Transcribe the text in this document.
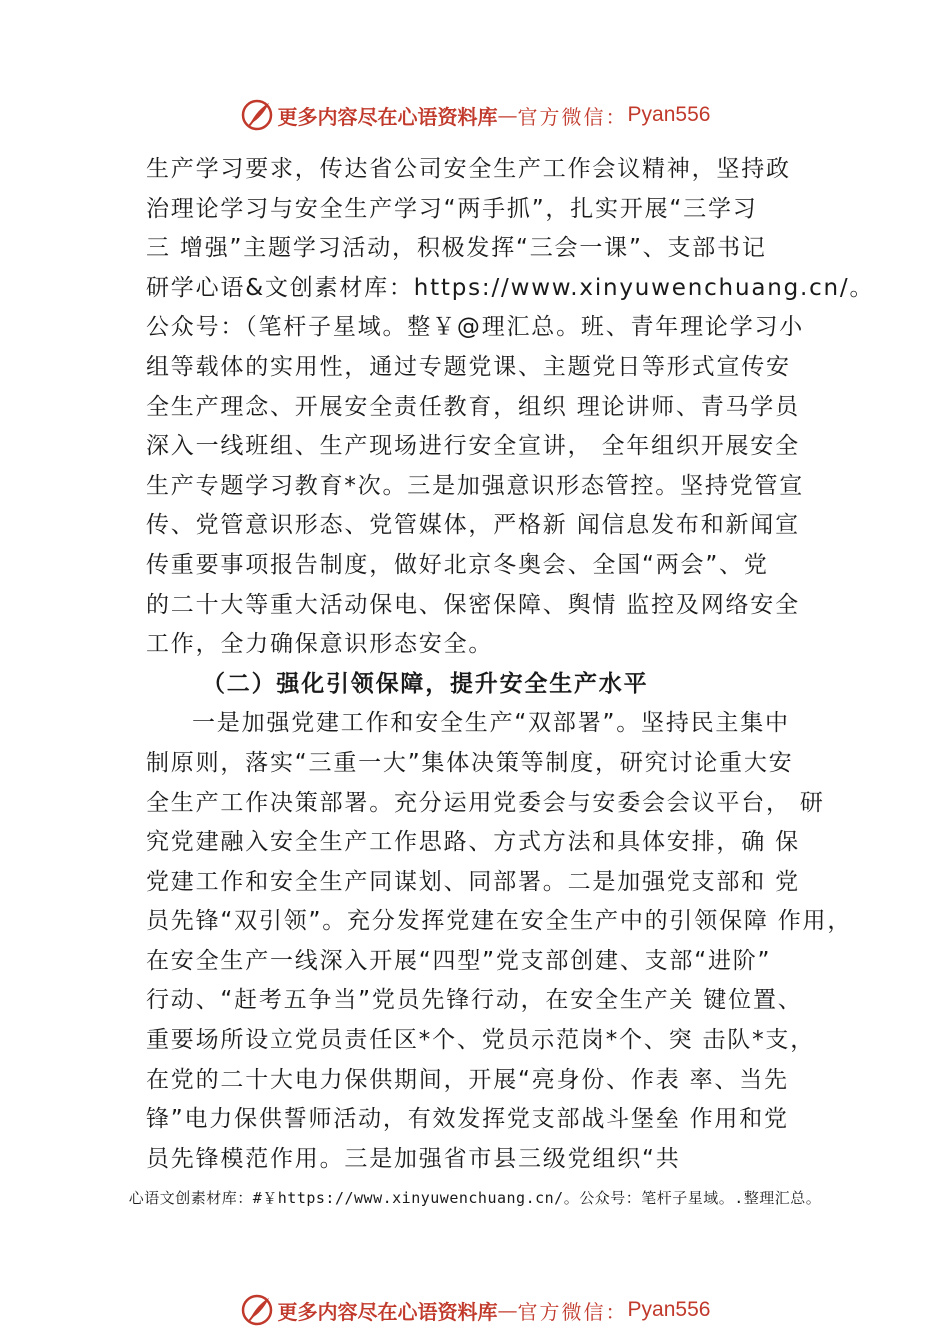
更多内容尽在心语资料库 — 官方微信： Pyan556
生产学习要求，传达省公司安全生产工作会议精神，坚持政
治理论学习与安全生产学习“两手抓”，扎实开展“三学习
三 增强”主题学习活动，积极发挥“三会一课”、支部书记
研学心语&文创素材库：https://www.xinyuwenchuang.cn/。
公众号：（笔杆子星域。整￥@理汇总。班、青年理论学习小
组等载体的实用性，通过专题党课、主题党日等形式宣传安
全生产理念、开展安全责任教育，组织 理论讲师、青马学员
深入一线班组、生产现场进行安全宣讲， 全年组织开展安全
生产专题学习教育*次。三是加强意识形态管控。坚持党管宣
传、党管意识形态、党管媒体，严格新 闻信息发布和新闻宣
传重要事项报告制度，做好北京冬奥会、全国“两会”、党
的二十大等重大活动保电、保密保障、舆情 监控及网络安全
工作，全力确保意识形态安全。
（二）强化引领保障，提升安全生产水平
一是加强党建工作和安全生产“双部署”。坚持民主集中
制原则，落实“三重一大”集体决策等制度，研究讨论重大安
全生产工作决策部署。充分运用党委会与安委会会议平台， 研
究党建融入安全生产工作思路、方式方法和具体安排，确 保
党建工作和安全生产同谋划、同部署。二是加强党支部和 党
员先锋“双引领”。充分发挥党建在安全生产中的引领保障 作用，
在安全生产一线深入开展“四型”党支部创建、支部“进阶”
行动、“赶考五争当”党员先锋行动，在安全生产关 键位置、
重要场所设立党员责任区*个、党员示范岗*个、突 击队*支，
在党的二十大电力保供期间，开展“亮身份、作表 率、当先
锋”电力保供誓师活动，有效发挥党支部战斗堡垒 作用和党
员先锋模范作用。三是加强省市县三级党组织“共
心语文创素材库：#￥https://www.xinyuwenchuang.cn/。公众号：笔杆子星域。.整理汇总。
更多内容尽在心语资料库 — 官方微信： Pyan556
